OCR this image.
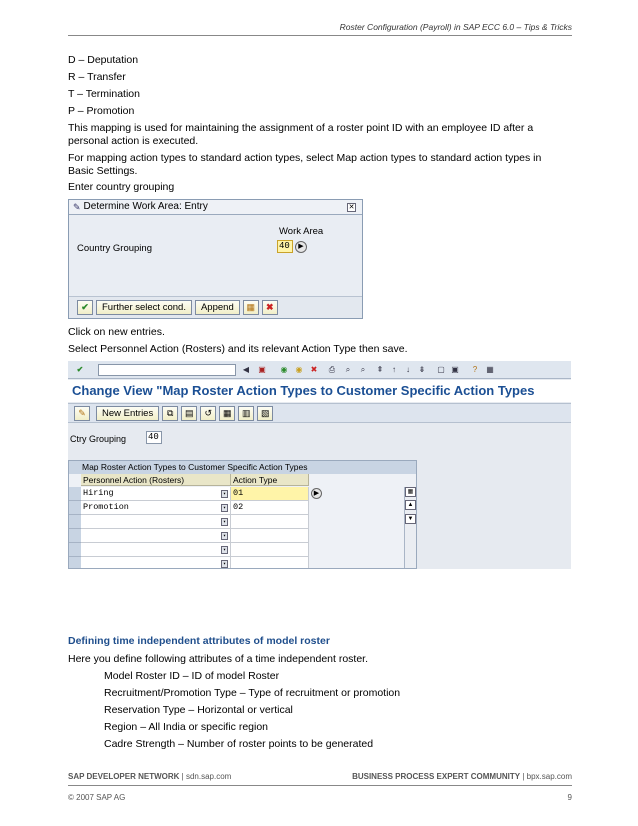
Roster Configuration (Payroll) in SAP ECC 6.0 – Tips & Tricks
D – Deputation
R – Transfer
T – Termination
P – Promotion
This mapping is used for maintaining the assignment of a roster point ID with an employee ID after a personal action is executed.
For mapping action types to standard action types, select Map action types to standard action types in Basic Settings.
Enter country grouping
✎ Determine Work Area: Entry	✕
Work Area
Country Grouping	40	▶
✔	Further select cond.	Append	▦	✖
Click on new entries.
Select Personnel Action (Rosters) and its relevant Action Type then save.
✔	◀	▣	◉	◉	✖	⎙	⌕	⌕	⇞	↑	↓	⇟	▢ ▣	?	▦
Change View "Map Roster Action Types to Customer Specific Action Types
✎	New Entries	⧉	▤	↺	▦	▥	▧
Ctry Grouping 40
Map Roster Action Types to Customer Specific Action Types
Personnel Action (Rosters)	Action Type
Hiring	▾ 01	▶
Promotion	▾ 02
▾
▾
▾
▾
▦
▲
▼
Defining time independent attributes of model roster
Here you define following attributes of a time independent roster.
Model Roster ID – ID of model Roster
Recruitment/Promotion Type – Type of recruitment or promotion
Reservation Type – Horizontal or vertical
Region – All India or specific region
Cadre Strength – Number of roster points to be generated
SAP DEVELOPER NETWORK | sdn.sap.com	BUSINESS PROCESS EXPERT COMMUNITY | bpx.sap.com
© 2007 SAP AG	9
